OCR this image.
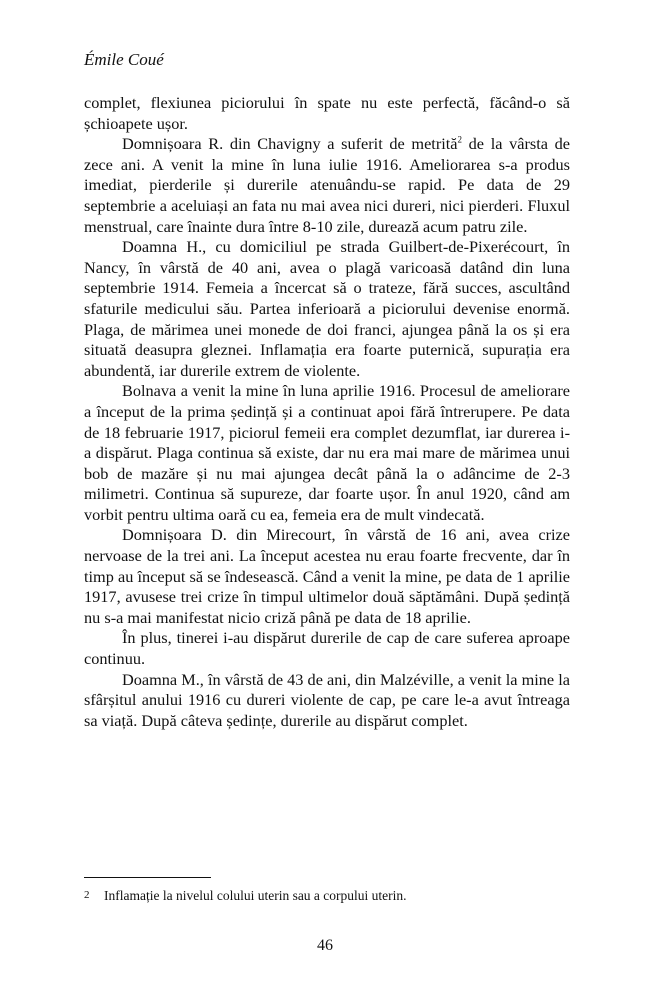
Émile Coué

complet, flexiunea piciorului în spate nu este perfectă, făcând-o să șchioapete ușor.

Domnișoara R. din Chavigny a suferit de metrită$^2$ de la vârsta de zece ani. A venit la mine în luna iulie 1916. Ameliorarea s-a produs imediat, pierderile și durerile atenuându-se rapid. Pe data de 29 septembrie a aceluiași an fata nu mai avea nici dureri, nici pierderi. Fluxul menstrual, care înainte dura între 8-10 zile, durează acum patru zile.

Doamna H., cu domiciliul pe strada Guilbert-de-Pixerécourt, în Nancy, în vârstă de 40 ani, avea o plagă varicoasă datând din luna septembrie 1914. Femeia a încercat să o trateze, fără succes, ascultând sfaturile medicului său. Partea inferioară a piciorului devenise enormă. Plaga, de mărimea unei monede de doi franci, ajungea până la os și era situată deasupra gleznei. Inflamația era foarte puternică, supurația era abundentă, iar durerile extrem de violente.

Bolnava a venit la mine în luna aprilie 1916. Procesul de ameliorare a început de la prima ședință și a continuat apoi fără întrerupere. Pe data de 18 februarie 1917, piciorul femeii era complet dezumflat, iar durerea i-a dispărut. Plaga continua să existe, dar nu era mai mare de mărimea unui bob de mazăre și nu mai ajungea decât până la o adâncime de 2-3 milimetri. Continua să supureze, dar foarte ușor. În anul 1920, când am vorbit pentru ultima oară cu ea, femeia era de mult vindecată.

Domnișoara D. din Mirecourt, în vârstă de 16 ani, avea crize nervoase de la trei ani. La început acestea nu erau foarte frecvente, dar în timp au început să se îndesească. Când a venit la mine, pe data de 1 aprilie 1917, avusese trei crize în timpul ultimelor două săptămâni. După ședință nu s-a mai manifestat nicio criză până pe data de 18 aprilie.

În plus, tinerei i-au dispărut durerile de cap de care suferea aproape continuu.

Doamna M., în vârstă de 43 de ani, din Malzéville, a venit la mine la sfârșitul anului 1916 cu dureri violente de cap, pe care le-a avut întreaga sa viață. După câteva ședințe, durerile au dispărut complet.

2 Inflamație la nivelul colului uterin sau a corpului uterin.
46
